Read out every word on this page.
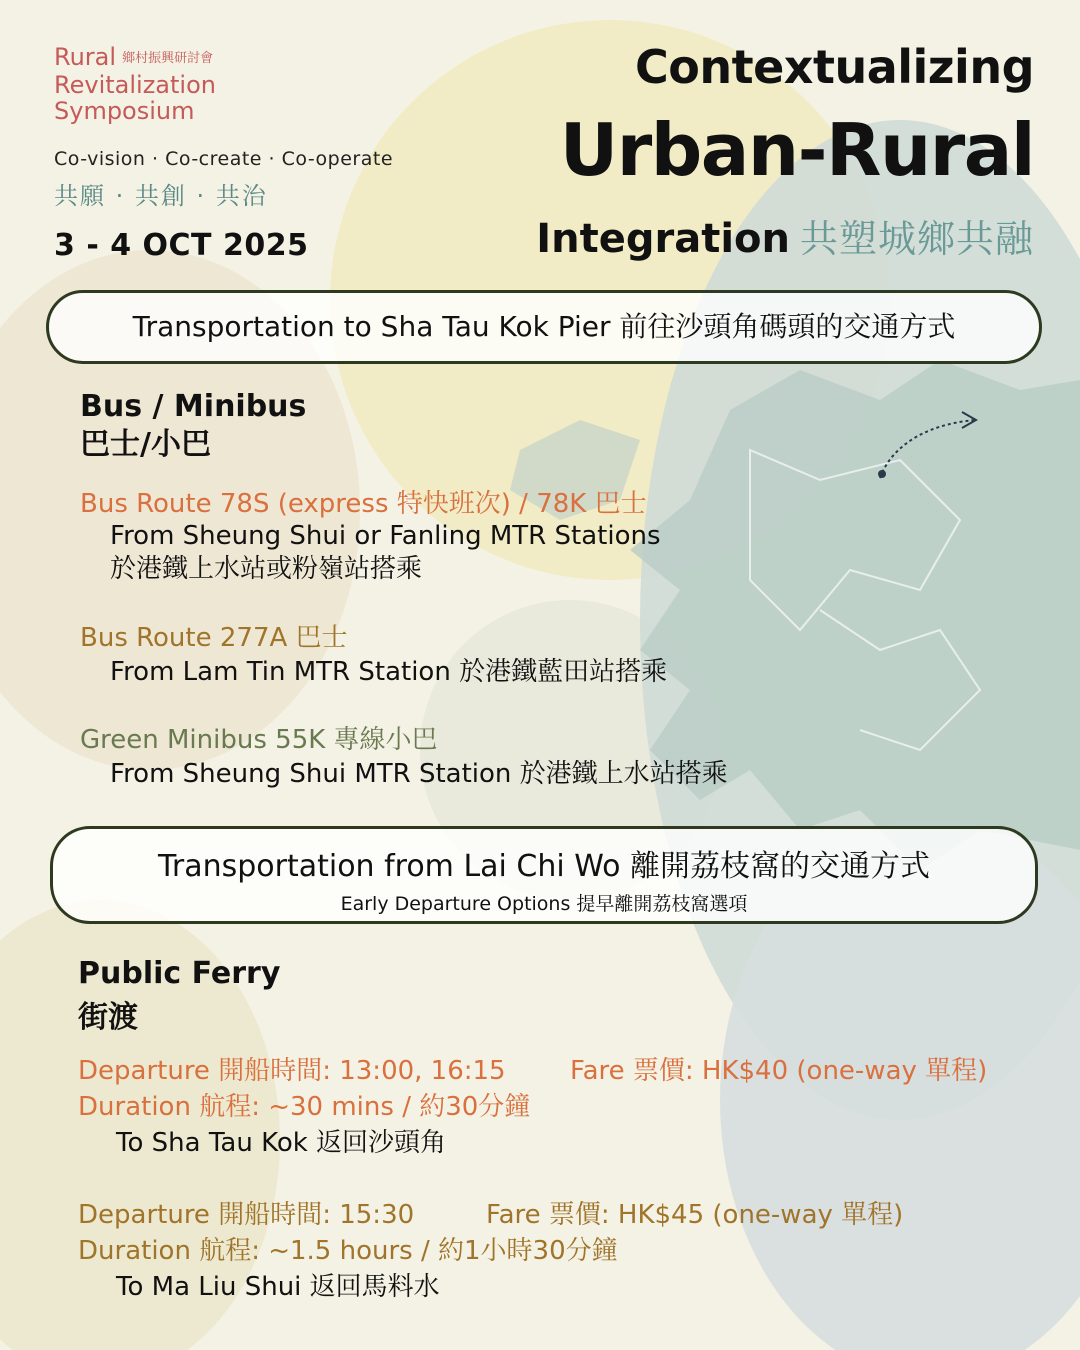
Rural 鄉村振興研討會
Revitalization
Symposium
Co-vision · Co-create · Co-operate
共願 · 共創 · 共治
3 - 4 OCT 2025
Contextualizing
Urban-Rural
Integration 共塑城鄉共融
Transportation to Sha Tau Kok Pier 前往沙頭角碼頭的交通方式
Bus / Minibus
巴士/小巴
Bus Route 78S (express 特快班次) / 78K 巴士
From Sheung Shui or Fanling MTR Stations
於港鐵上水站或粉嶺站搭乘
Bus Route 277A 巴士
From Lam Tin MTR Station 於港鐵藍田站搭乘
Green Minibus 55K 專線小巴
From Sheung Shui MTR Station 於港鐵上水站搭乘
Transportation from Lai Chi Wo 離開荔枝窩的交通方式
Early Departure Options 提早離開荔枝窩選項
Public Ferry
街渡
Departure 開船時間: 13:00, 16:15 Fare 票價: HK$40 (one-way 單程)
Duration 航程: ~30 mins / 約30分鐘
To Sha Tau Kok 返回沙頭角
Departure 開船時間: 15:30	Fare 票價: HK$45 (one-way 單程)
Duration 航程: ~1.5 hours / 約1小時30分鐘
To Ma Liu Shui 返回馬料水
